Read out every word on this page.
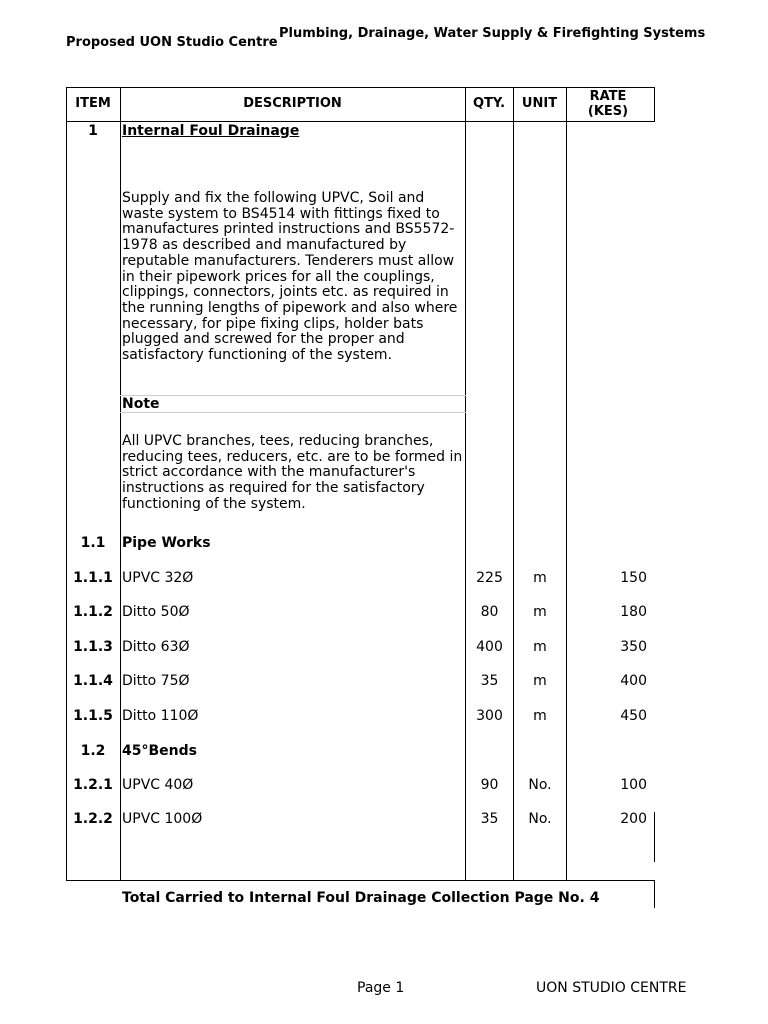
Proposed UON Studio Centre
Plumbing, Drainage, Water Supply & Firefighting Systems
ITEM	DESCRIPTION	QTY.	UNIT	RATE (KES)
1	Internal Foul Drainage
Supply and fix the following UPVC, Soil and waste system to BS4514 with fittings fixed to manufactures printed instructions and BS5572-1978 as described and manufactured by reputable manufacturers. Tenderers must allow in their pipework prices for all the couplings, clippings, connectors, joints etc. as required in the running lengths of pipework and also where necessary, for pipe fixing clips, holder bats plugged and screwed for the proper and satisfactory functioning of the system.
Note
All UPVC branches, tees, reducing branches, reducing tees, reducers, etc. are to be formed in strict accordance with the manufacturer's instructions as required for the satisfactory functioning of the system.
1.1	Pipe Works
1.1.1 UPVC 32Ø	225	m	150
1.1.2 Ditto 50Ø	80	m	180
1.1.3 Ditto 63Ø	400	m	350
1.1.4 Ditto 75Ø	35	m	400
1.1.5 Ditto 110Ø	300	m	450
1.2	45°Bends
1.2.1 UPVC 40Ø	90	No.	100
1.2.2 UPVC 100Ø	35	No.	200
Total Carried to Internal Foul Drainage Collection Page No. 4
Page 1	UON STUDIO CENTRE
